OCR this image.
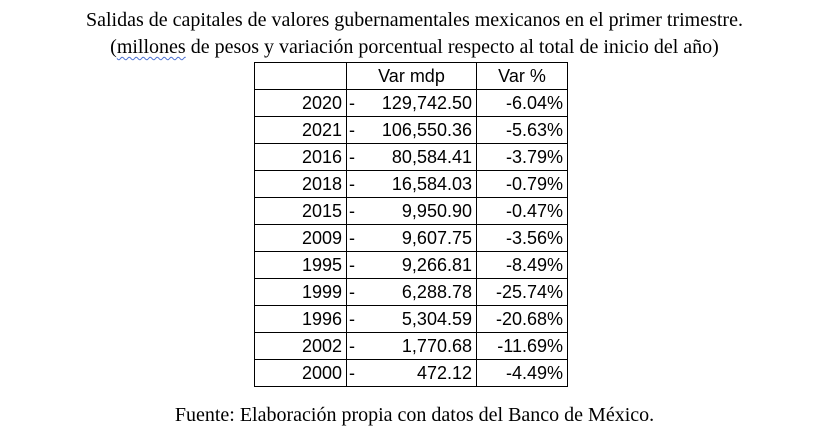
Salidas de capitales de valores gubernamentales mexicanos en el primer trimestre.
(millones de pesos y variación porcentual respecto al total de inicio del año)
	Var mdp	Var %
2020	- 129,742.50	-6.04%
2021	- 106,550.36	-5.63%
2016	- 80,584.41	-3.79%
2018	- 16,584.03	-0.79%
2015	- 9,950.90	-0.47%
2009	- 9,607.75	-3.56%
1995	- 9,266.81	-8.49%
1999	- 6,288.78	-25.74%
1996	- 5,304.59	-20.68%
2002	- 1,770.68	-11.69%
2000	- 472.12	-4.49%
Fuente: Elaboración propia con datos del Banco de México.
